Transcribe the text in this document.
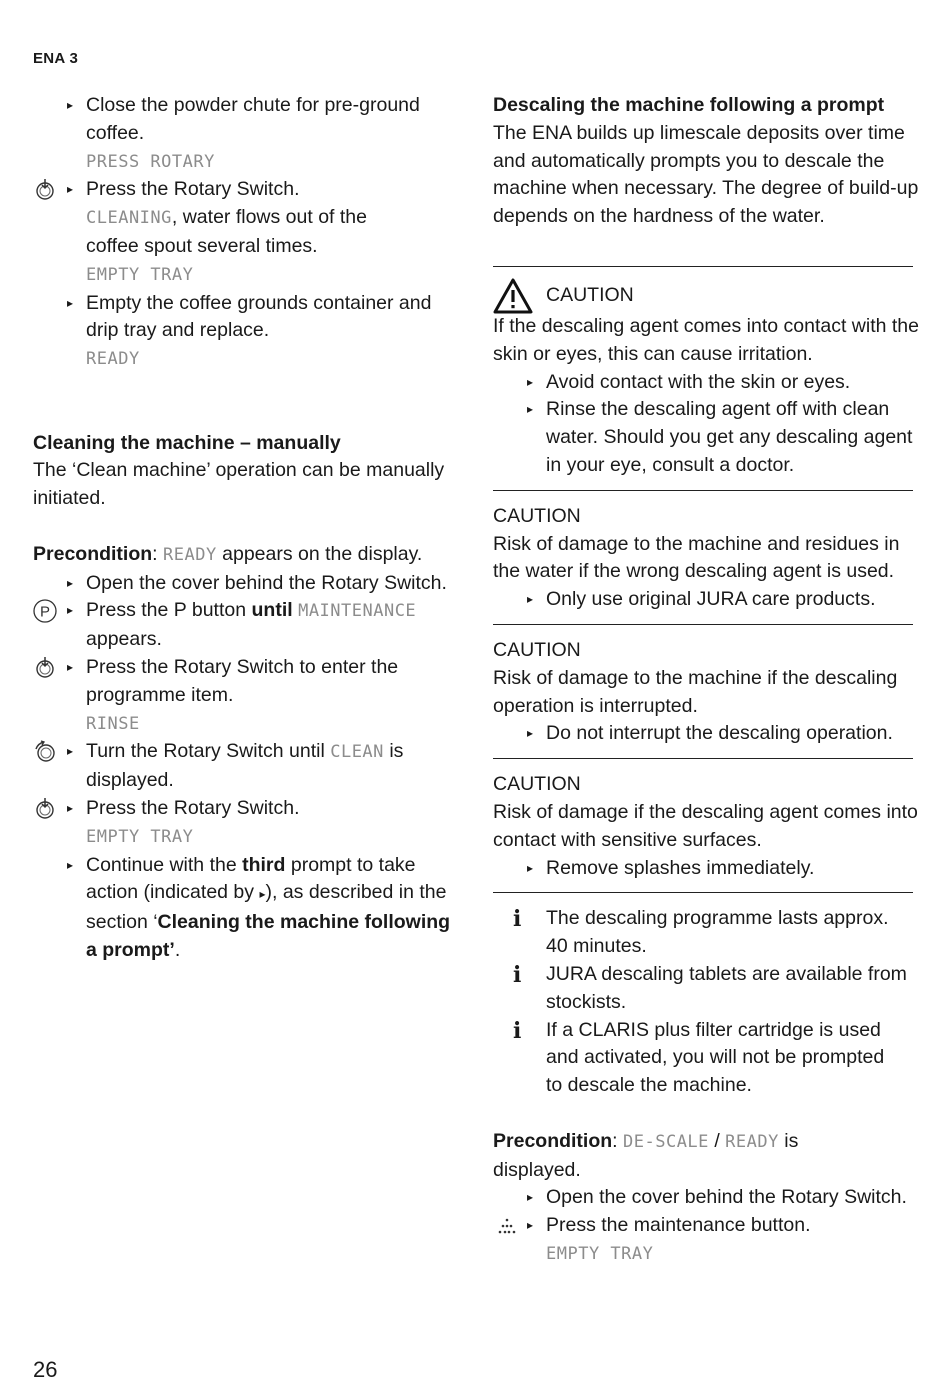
ENA 3
▸ Close the powder chute for pre-ground
coffee.
PRESS ROTARY
▸ Press the Rotary Switch.
CLEANING, water flows out of the
coffee spout several times.
EMPTY TRAY
▸ Empty the coffee grounds container and
drip tray and replace.
READY
Cleaning the machine – manually
The ‘Clean machine’ operation can be manually
initiated.
Precondition: READY appears on the display.
▸ Open the cover behind the Rotary Switch.
P ▸ Press the P button until MAINTENANCE
appears.
▸ Press the Rotary Switch to enter the
programme item.
RINSE
▸ Turn the Rotary Switch until CLEAN is
displayed.
▸ Press the Rotary Switch.
EMPTY TRAY
▸ Continue with the third prompt to take
action (indicated by ▸), as described in the
section ‘Cleaning the machine following
a prompt’.
Descaling the machine following a prompt
The ENA builds up limescale deposits over time
and automatically prompts you to descale the
machine when necessary. The degree of build-up
depends on the hardness of the water.
CAUTION
If the descaling agent comes into contact with the
skin or eyes, this can cause irritation.
▸ Avoid contact with the skin or eyes.
▸ Rinse the descaling agent off with clean
water. Should you get any descaling agent
in your eye, consult a doctor.
CAUTION
Risk of damage to the machine and residues in
the water if the wrong descaling agent is used.
▸ Only use original JURA care products.
CAUTION
Risk of damage to the machine if the descaling
operation is interrupted.
▸ Do not interrupt the descaling operation.
CAUTION
Risk of damage if the descaling agent comes into
contact with sensitive surfaces.
▸ Remove splashes immediately.
i The descaling programme lasts approx.
40 minutes.
i JURA descaling tablets are available from
stockists.
i If a CLARIS plus filter cartridge is used
and activated, you will not be prompted
to descale the machine.
Precondition: DE-SCALE / READY is
displayed.
▸ Open the cover behind the Rotary Switch.
▸ Press the maintenance button.
EMPTY TRAY
26
